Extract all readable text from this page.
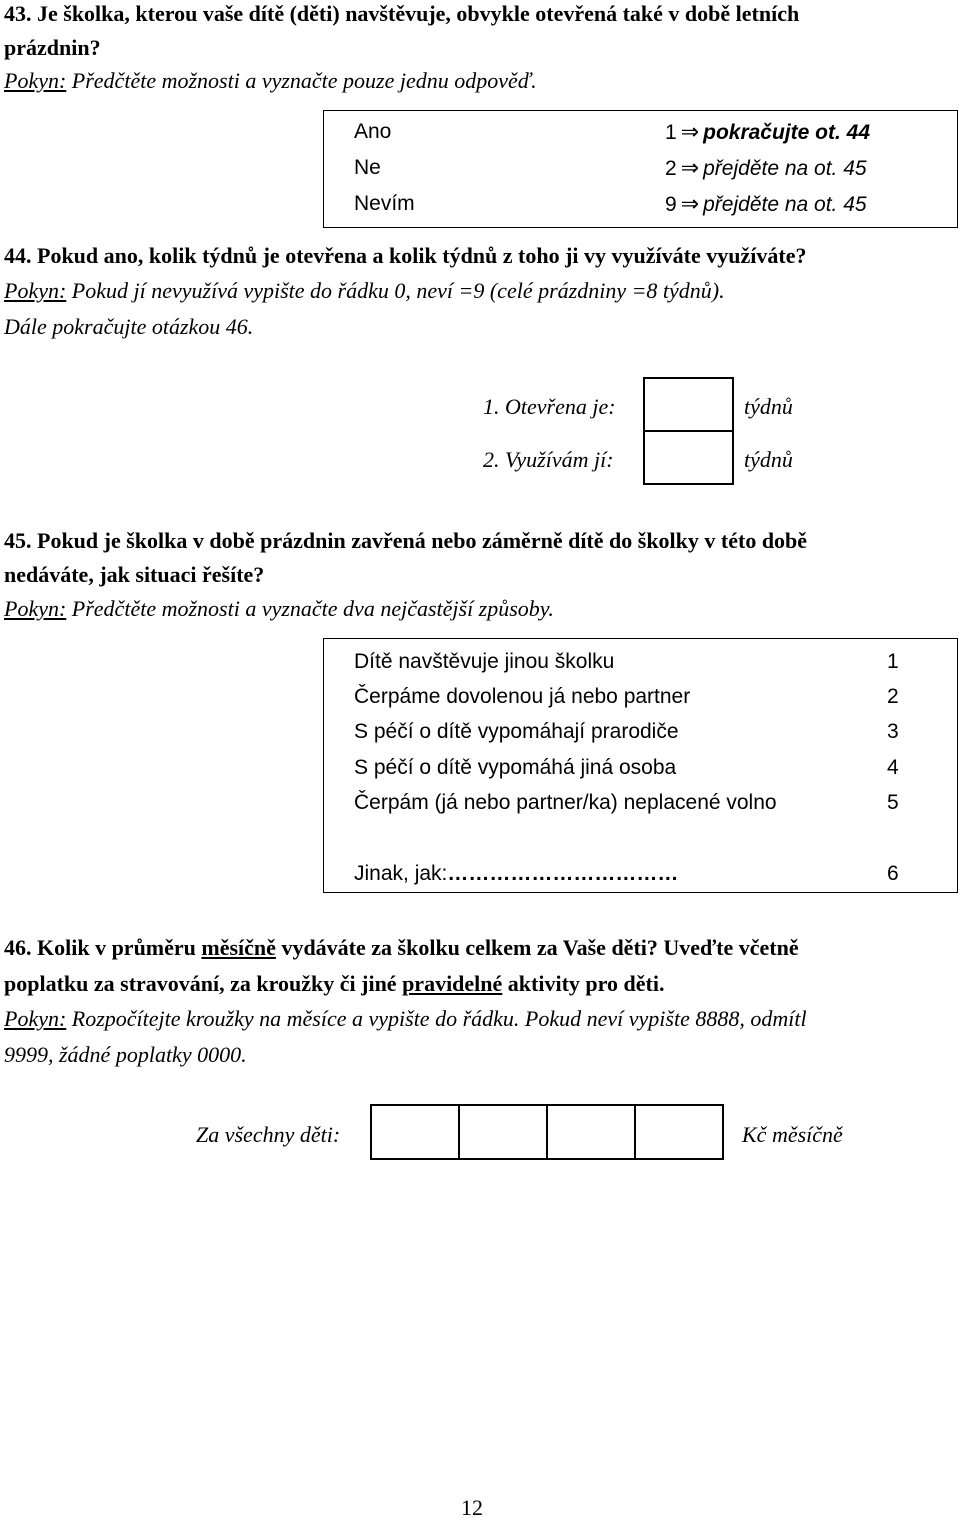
43. Je školka, kterou vaše dítě (děti) navštěvuje, obvykle otevřená také v době letních
prázdnin?
Pokyn: Předčtěte možnosti a vyznačte pouze jednu odpověď.
Ano	1 ⇒ pokračujte ot. 44
Ne	2 ⇒ přejděte na ot. 45
Nevím	9 ⇒ přejděte na ot. 45
44. Pokud ano, kolik týdnů je otevřena a kolik týdnů z toho ji vy využíváte využíváte?
Pokyn: Pokud jí nevyužívá vypište do řádku 0, neví =9 (celé prázdniny =8 týdnů).
Dále pokračujte otázkou 46.
1. Otevřena je:	týdnů
2. Využívám jí:	týdnů
45. Pokud je školka v době prázdnin zavřená nebo záměrně dítě do školky v této době
nedáváte, jak situaci řešíte?
Pokyn: Předčtěte možnosti a vyznačte dva nejčastější způsoby.
Dítě navštěvuje jinou školku	1
Čerpáme dovolenou já nebo partner	2
S péčí o dítě vypomáhají prarodiče	3
S péčí o dítě vypomáhá jiná osoba	4
Čerpám (já nebo partner/ka) neplacené volno	5
Jinak, jak:……………………………	6
46. Kolik v průměru měsíčně vydáváte za školku celkem za Vaše děti? Uveďte včetně
poplatku za stravování, za kroužky či jiné pravidelné aktivity pro děti.
Pokyn: Rozpočítejte kroužky na měsíce a vypište do řádku. Pokud neví vypište 8888, odmítl
9999, žádné poplatky 0000.
Za všechny děti:	Kč měsíčně
12
